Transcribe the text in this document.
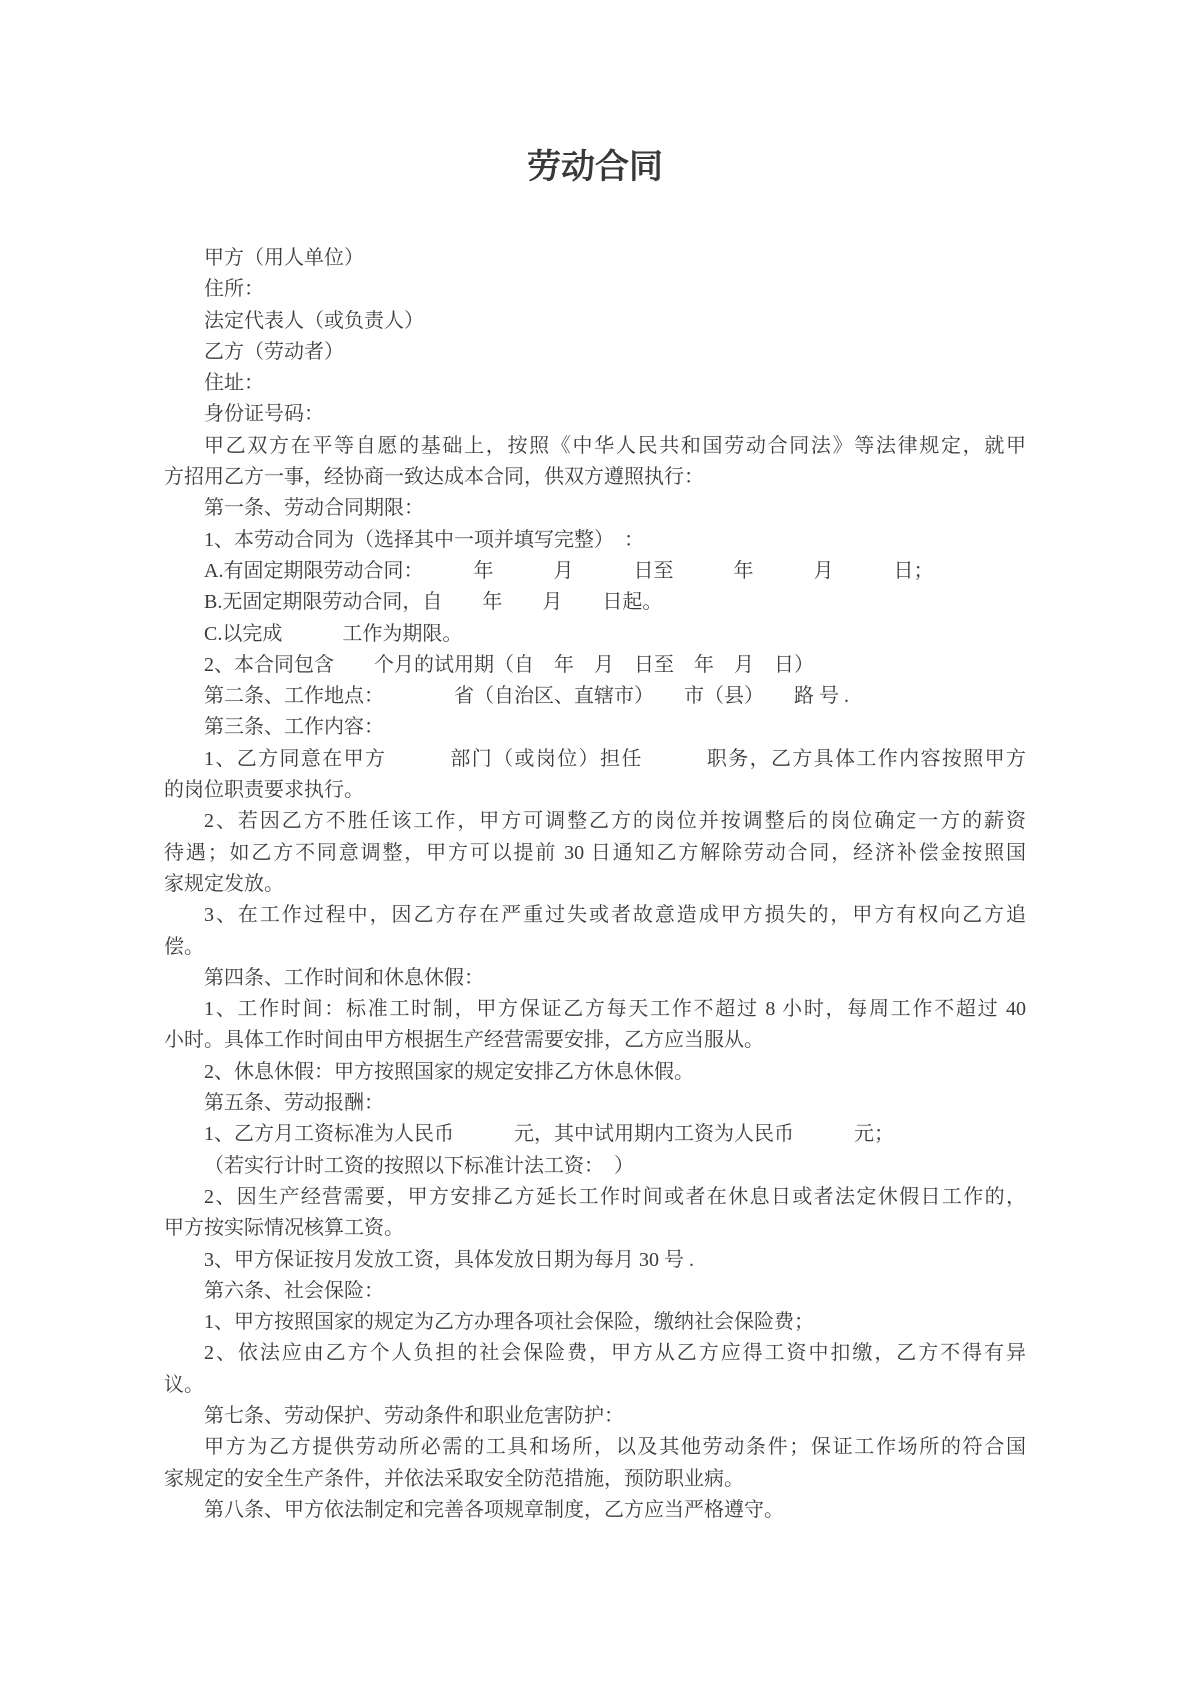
劳动合同

甲方（用人单位）

住所：

法定代表人（或负责人）

乙方（劳动者）

住址：

身份证号码：

甲乙双方在平等自愿的基础上，按照《中华人民共和国劳动合同法》等法律规定，就甲

方招用乙方一事，经协商一致达成本合同，供双方遵照执行：

第一条、劳动合同期限：

1、本劳动合同为（选择其中一项并填写完整）　：

A.有固定期限劳动合同：　　　年　　　月　　　日至　　　年　　　月　　　日；

B.无固定期限劳动合同，自　　年　　月　　日起。

C.以完成　　　工作为期限。

2、本合同包含　　个月的试用期（自　年　月　日至　年　月　日）

第二条、工作地点：　　　　省（自治区、直辖市）　　市（县）　　路 号 .

第三条、工作内容：

1、乙方同意在甲方　　　部门（或岗位）担任　　　职务，乙方具体工作内容按照甲方

的岗位职责要求执行。

2、若因乙方不胜任该工作，甲方可调整乙方的岗位并按调整后的岗位确定一方的薪资

待遇；如乙方不同意调整，甲方可以提前 30 日通知乙方解除劳动合同，经济补偿金按照国

家规定发放。

3、在工作过程中，因乙方存在严重过失或者故意造成甲方损失的，甲方有权向乙方追

偿。

第四条、工作时间和休息休假：

1、工作时间：标准工时制，甲方保证乙方每天工作不超过 8 小时，每周工作不超过 40

小时。具体工作时间由甲方根据生产经营需要安排，乙方应当服从。

2、休息休假：甲方按照国家的规定安排乙方休息休假。

第五条、劳动报酬：

1、乙方月工资标准为人民币　　　元，其中试用期内工资为人民币　　　元；

（若实行计时工资的按照以下标准计法工资：　）

2、因生产经营需要，甲方安排乙方延长工作时间或者在休息日或者法定休假日工作的，

甲方按实际情况核算工资。

3、甲方保证按月发放工资，具体发放日期为每月 30 号 .

第六条、社会保险：

1、甲方按照国家的规定为乙方办理各项社会保险，缴纳社会保险费；

2、依法应由乙方个人负担的社会保险费，甲方从乙方应得工资中扣缴，乙方不得有异

议。

第七条、劳动保护、劳动条件和职业危害防护：

甲方为乙方提供劳动所必需的工具和场所，以及其他劳动条件；保证工作场所的符合国

家规定的安全生产条件，并依法采取安全防范措施，预防职业病。

第八条、甲方依法制定和完善各项规章制度，乙方应当严格遵守。
